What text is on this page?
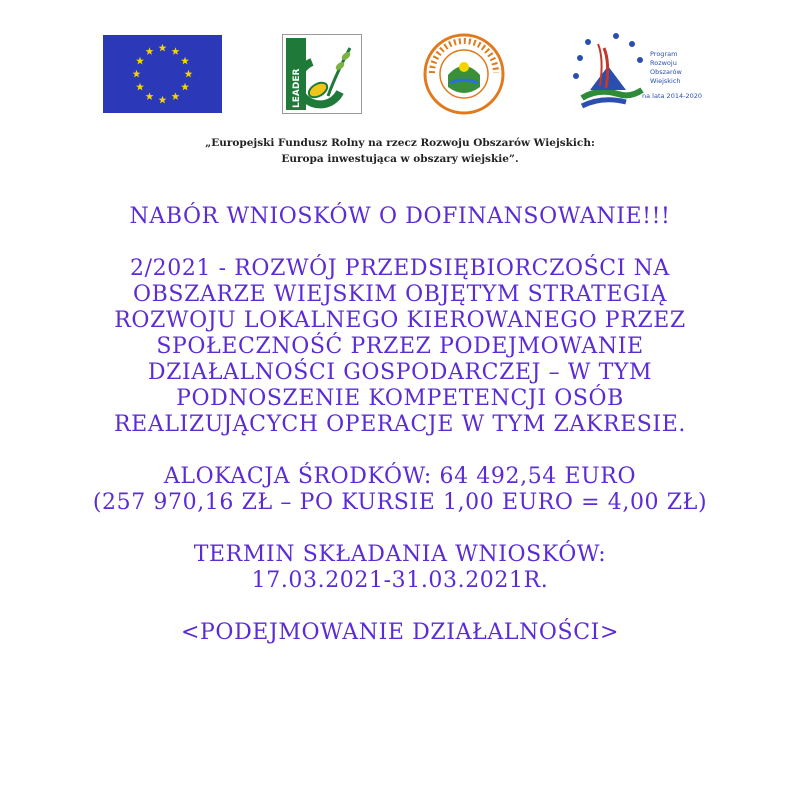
LEADER
Program Rozwoju Obszarów Wiejskich na lata 2014-2020
„Europejski Fundusz Rolny na rzecz Rozwoju Obszarów Wiejskich:
Europa inwestująca w obszary wiejskie”.

NABÓR WNIOSKÓW O DOFINANSOWANIE!!!

2/2021 - ROZWÓJ PRZEDSIĘBIORCZOŚCI NA

OBSZARZE WIEJSKIM OBJĘTYM STRATEGIĄ

ROZWOJU LOKALNEGO KIEROWANEGO PRZEZ

SPOŁECZNOŚĆ PRZEZ PODEJMOWANIE

DZIAŁALNOŚCI GOSPODARCZEJ – W TYM

PODNOSZENIE KOMPETENCJI OSÓB

REALIZUJĄCYCH OPERACJE W TYM ZAKRESIE.

ALOKACJA ŚRODKÓW: 64 492,54 EURO

(257 970,16 ZŁ – PO KURSIE 1,00 EURO = 4,00 ZŁ)

TERMIN SKŁADANIA WNIOSKÓW:

17.03.2021-31.03.2021R.

<PODEJMOWANIE DZIAŁALNOŚCI>
